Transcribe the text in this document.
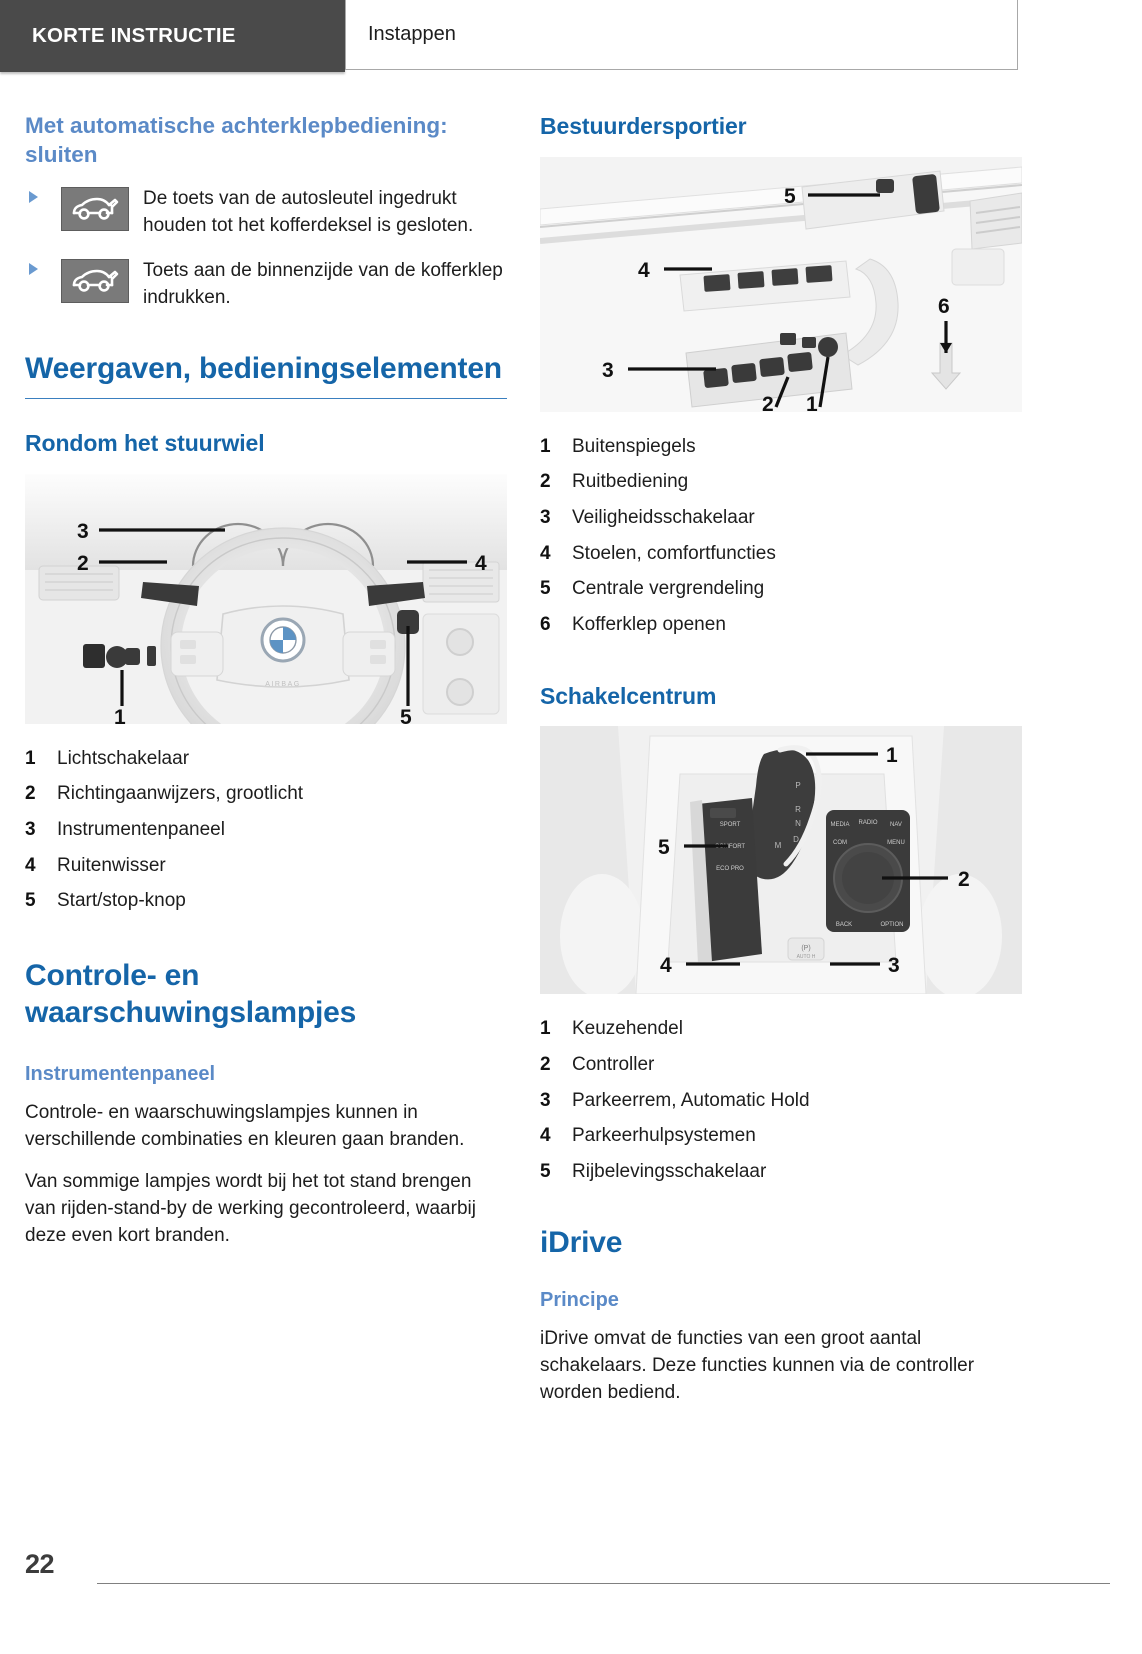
KORTE INSTRUCTIE	Instappen
Met automatische achterklepbediening: sluiten
De toets van de autosleutel ingedrukt houden tot het kofferdeksel is gesloten.
Toets aan de binnenzijde van de kofferklep indrukken.
Weergaven, bedieningselementen
Rondom het stuurwiel
AIRBAG
3
2	4
1	5
1	Lichtschakelaar
2	Richtingaanwijzers, grootlicht
3	Instrumentenpaneel
4	Ruitenwisser
5	Start/stop-knop
Controle- en waarschuwingslampjes
Instrumentenpaneel

Controle- en waarschuwingslampjes kunnen in verschillende combinaties en kleuren gaan branden.

Van sommige lampjes wordt bij het tot stand brengen van rijden-stand-by de werking gecontroleerd, waarbij deze even kort branden.

Bestuurdersportier
5
4
3
6
2 1
1	Buitenspiegels
2	Ruitbediening
3	Veiligheidsschakelaar
4	Stoelen, comfortfuncties
5	Centrale vergrendeling
6	Kofferklep openen
Schakelcentrum
P
R
N
D
M
SPORT
COMFORT
ECO PRO
MEDIA RADIO NAV
COM	MENU
BACK	OPTION
(P)
AUTO H
1
5
2
4	3
1	Keuzehendel
2	Controller
3	Parkeerrem, Automatic Hold
4	Parkeerhulpsystemen
5	Rijbelevingsschakelaar
iDrive
Principe

iDrive omvat de functies van een groot aantal schakelaars. Deze functies kunnen via de controller worden bediend.

22
